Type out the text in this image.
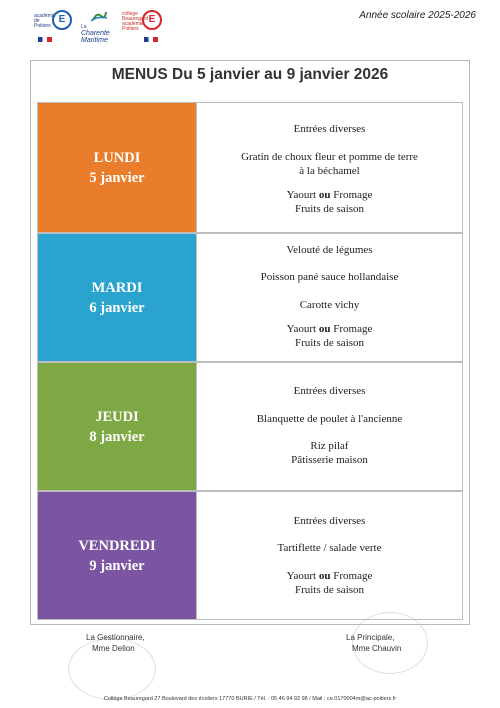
académie de Poitiers
E
La
Charente Maritime
collège Beauregard académie Poitiers
E	Année scolaire 2025-2026
MENUS Du 5 janvier au 9 janvier 2026
LUNDI
5 janvier
Entrées diverses
Gratin de choux fleur et pomme de terre
à la béchamel
Yaourt ou Fromage
Fruits de saison
MARDI
6 janvier
Velouté de légumes
Poisson pané sauce hollandaise
Carotte vichy
Yaourt ou Fromage
Fruits de saison
JEUDI
8 janvier
Entrées diverses
Blanquette de poulet à l'ancienne
Riz pilaf
Pâtisserie maison
VENDREDI
9 janvier
Entrées diverses
Tartiflette / salade verte
Yaourt ou Fromage
Fruits de saison
La Gestionnaire,
Mme Delion
La Principale,
Mme Chauvin
Collège Beauregard 27 Boulevard des écoliers 17770 BURIE / Tél. : 05 46 94 92 98 / Mail : ce.0170004m@ac-poitiers.fr
